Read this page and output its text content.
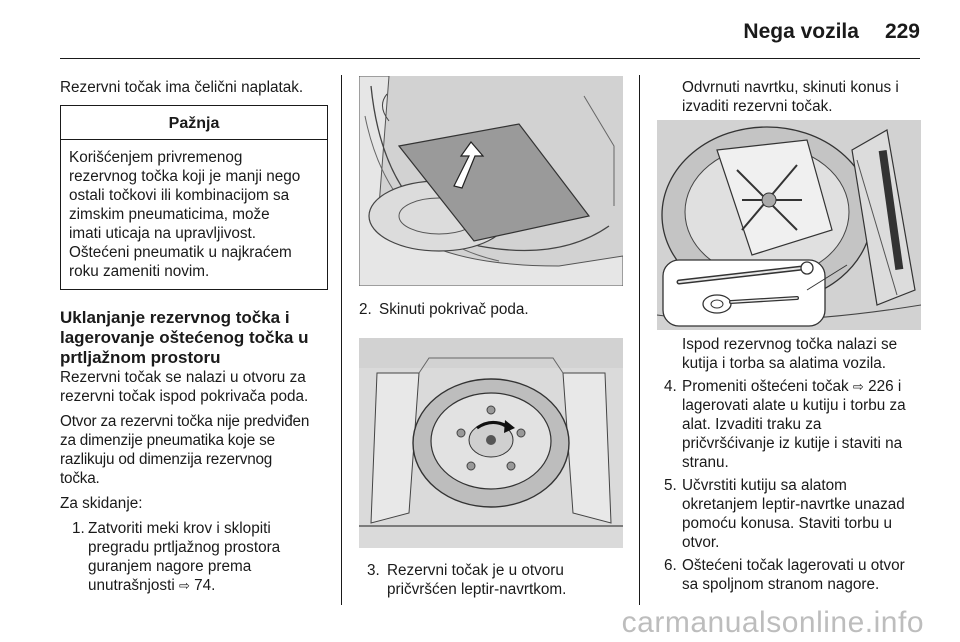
Nega vozila 229

Rezervni točak ima čelični naplatak.

Pažnja
Korišćenjem privremenog
rezervnog točka koji je manji nego
ostali točkovi ili kombinacijom sa
zimskim pneumaticima, može
imati uticaja na upravljivost.
Oštećeni pneumatik u najkraćem
roku zameniti novim.
Uklanjanje rezervnog točka i
lagerovanje oštećenog točka u
prtljažnom prostoru

Rezervni točak se nalazi u otvoru za
rezervni točak ispod pokrivača poda.

Otvor za rezervni točka nije predviđen
za dimenzije pneumatika koje se
razlikuju od dimenzija rezervnog
točka.

Za skidanje:

1. Zatvoriti meki krov i sklopiti
pregradu prtljažnog prostora
guranjem nagore prema
unutrašnjosti ⇨ 74.
2. Skinuti pokrivač poda.
3. Rezervni točak je u otvoru
pričvršćen leptir-navrtkom.
Odvrnuti navrtku, skinuti konus i
izvaditi rezervni točak.
Ispod rezervnog točka nalazi se
kutija i torba sa alatima vozila.
4. Promeniti oštećeni točak ⇨ 226 i
lagerovati alate u kutiju i torbu za
alat. Izvaditi traku za
pričvršćivanje iz kutije i staviti na
stranu.
5. Učvrstiti kutiju sa alatom
okretanjem leptir-navrtke unazad
pomoću konusa. Staviti torbu u
otvor.
6. Oštećeni točak lagerovati u otvor
sa spoljnom stranom nagore.
carmanualsonline.info
